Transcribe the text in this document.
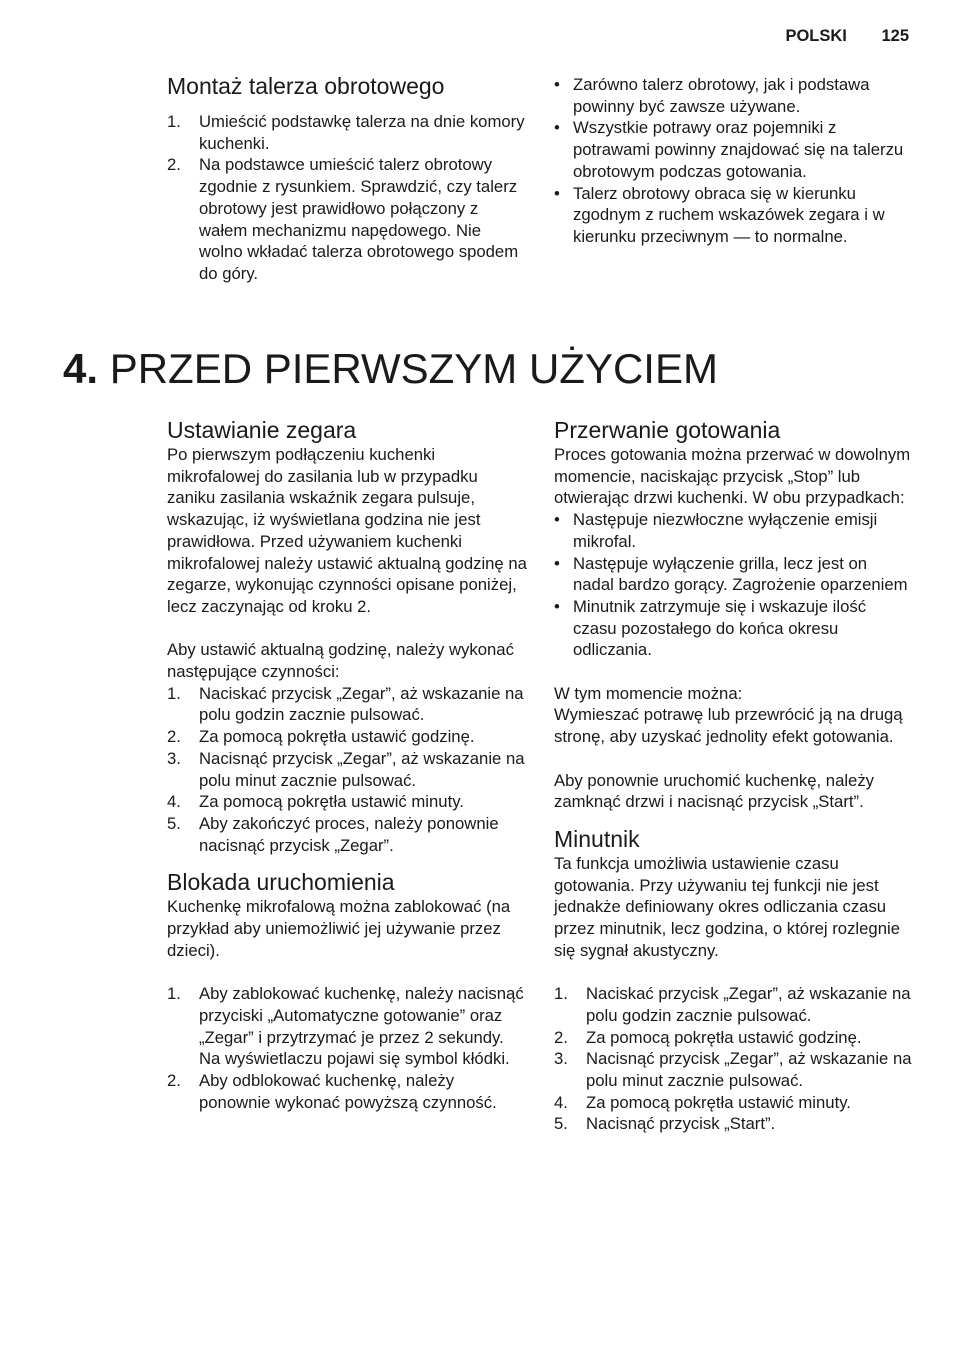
POLSKI 125
Montaż talerza obrotowego
1. Umieścić podstawkę talerza na dnie komory kuchenki.
2. Na podstawce umieścić talerz obrotowy zgodnie z rysunkiem. Sprawdzić, czy talerz obrotowy jest prawidłowo połączony z wałem mechanizmu napędowego. Nie wolno wkładać talerza obrotowego spodem do góry.
• Zarówno talerz obrotowy, jak i podstawa powinny być zawsze używane.
• Wszystkie potrawy oraz pojemniki z potrawami powinny znajdować się na talerzu obrotowym podczas gotowania.
• Talerz obrotowy obraca się w kierunku zgodnym z ruchem wskazówek zegara i w kierunku przeciwnym — to normalne.
4. PRZED PIERWSZYM UŻYCIEM
Ustawianie zegara

Po pierwszym podłączeniu kuchenki mikrofalowej do zasilania lub w przypadku zaniku zasilania wskaźnik zegara pulsuje, wskazując, iż wyświetlana godzina nie jest prawidłowa. Przed używaniem kuchenki mikrofalowej należy ustawić aktualną godzinę na zegarze, wykonując czynności opisane poniżej, lecz zaczynając od kroku 2.

Aby ustawić aktualną godzinę, należy wykonać następujące czynności:

1. Naciskać przycisk „Zegar”, aż wskazanie na polu godzin zacznie pulsować.
2. Za pomocą pokrętła ustawić godzinę.
3. Nacisnąć przycisk „Zegar”, aż wskazanie na polu minut zacznie pulsować.
4. Za pomocą pokrętła ustawić minuty.
5. Aby zakończyć proces, należy ponownie nacisnąć przycisk „Zegar”.
Blokada uruchomienia

Kuchenkę mikrofalową można zablokować (na przykład aby uniemożliwić jej używanie przez dzieci).

1. Aby zablokować kuchenkę, należy nacisnąć przyciski „Automatyczne gotowanie” oraz „Zegar” i przytrzymać je przez 2 sekundy. Na wyświetlaczu pojawi się symbol kłódki.
2. Aby odblokować kuchenkę, należy ponownie wykonać powyższą czynność.
Przerwanie gotowania

Proces gotowania można przerwać w dowolnym momencie, naciskając przycisk „Stop” lub otwierając drzwi kuchenki. W obu przypadkach:

• Następuje niezwłoczne wyłączenie emisji mikrofal.
• Następuje wyłączenie grilla, lecz jest on nadal bardzo gorący. Zagrożenie oparzeniem
• Minutnik zatrzymuje się i wskazuje ilość czasu pozostałego do końca okresu odliczania.

W tym momencie można:

Wymieszać potrawę lub przewrócić ją na drugą stronę, aby uzyskać jednolity efekt gotowania.

Aby ponownie uruchomić kuchenkę, należy zamknąć drzwi i nacisnąć przycisk „Start”.

Minutnik

Ta funkcja umożliwia ustawienie czasu gotowania. Przy używaniu tej funkcji nie jest jednakże definiowany okres odliczania czasu przez minutnik, lecz godzina, o której rozlegnie się sygnał akustyczny.

1. Naciskać przycisk „Zegar”, aż wskazanie na polu godzin zacznie pulsować.
2. Za pomocą pokrętła ustawić godzinę.
3. Nacisnąć przycisk „Zegar”, aż wskazanie na polu minut zacznie pulsować.
4. Za pomocą pokrętła ustawić minuty.
5. Nacisnąć przycisk „Start”.
